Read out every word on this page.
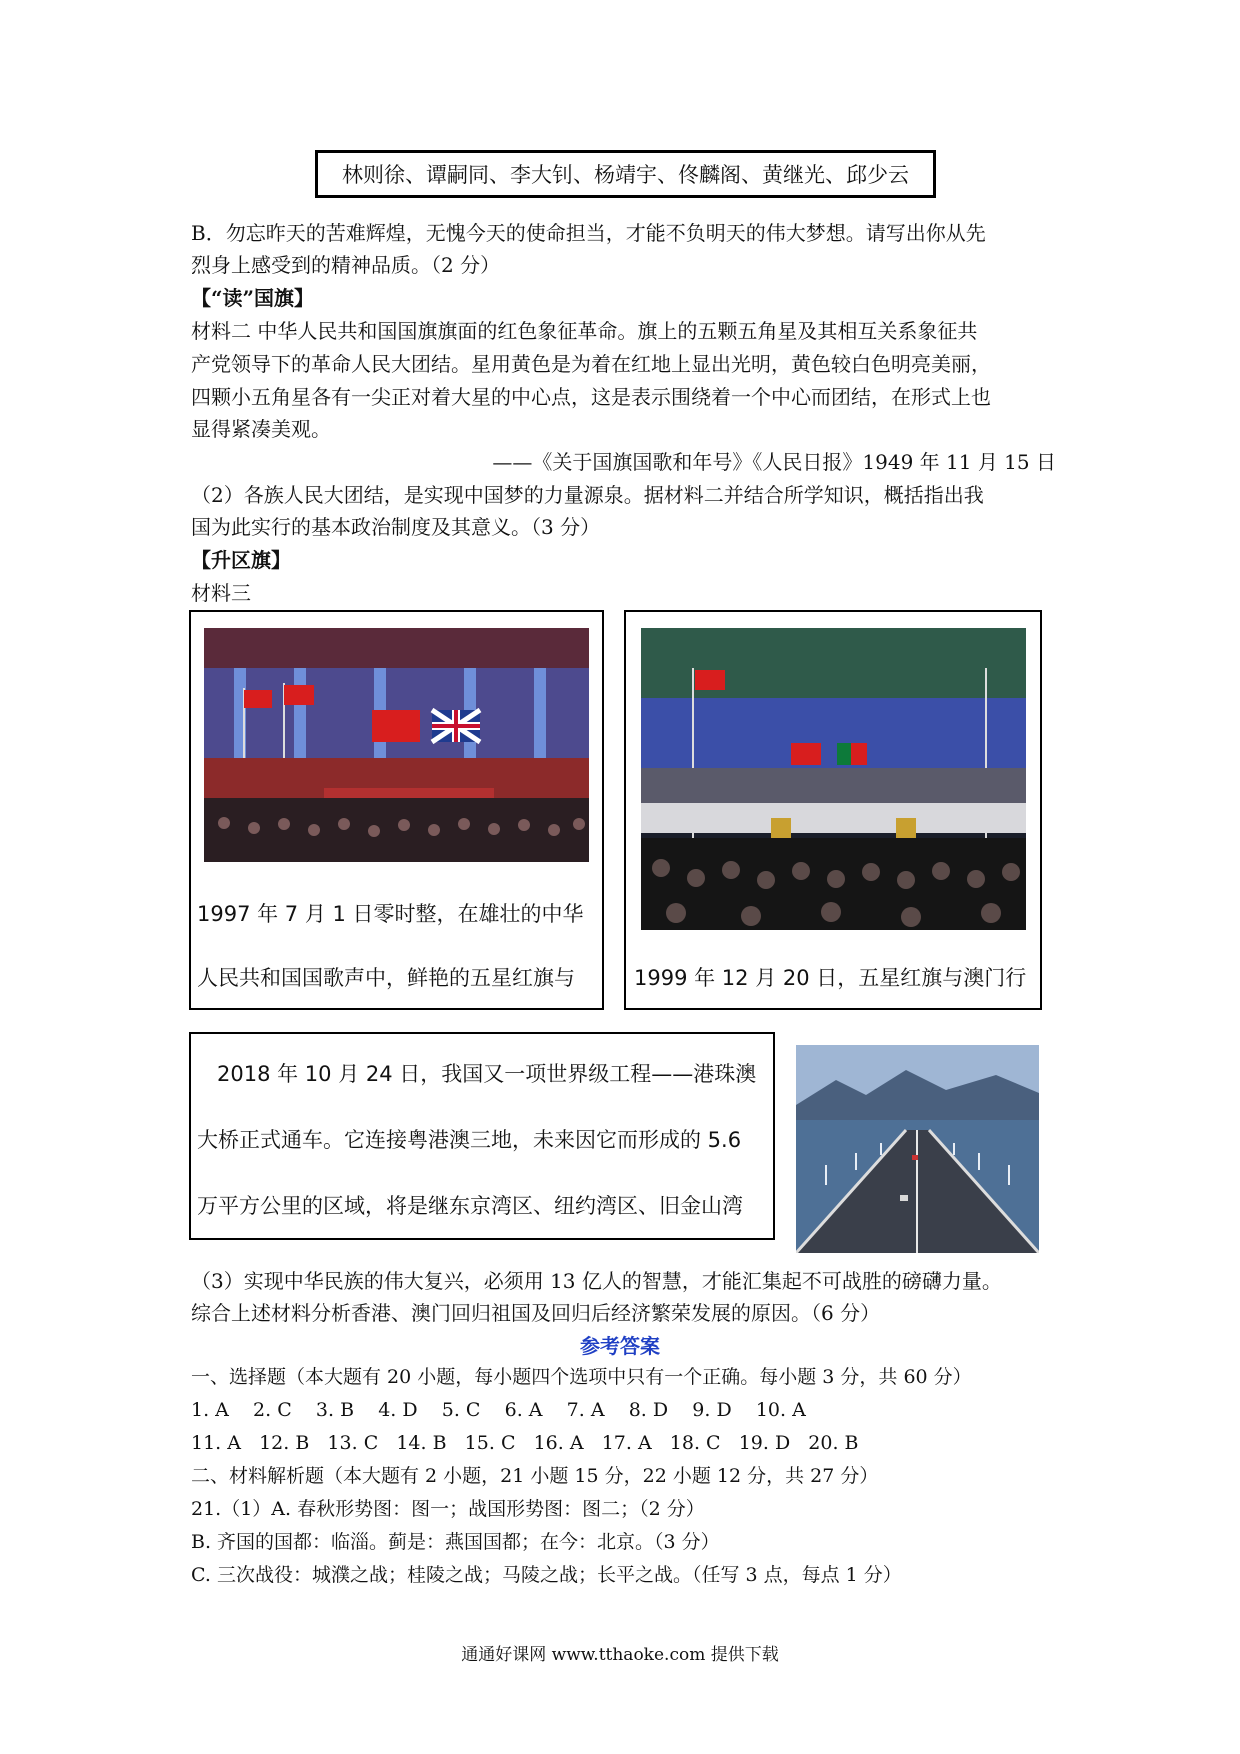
林则徐、谭嗣同、李大钊、杨靖宇、佟麟阁、黄继光、邱少云
B．勿忘昨天的苦难辉煌，无愧今天的使命担当，才能不负明天的伟大梦想。请写出你从先
烈身上感受到的精神品质。（2 分）
【“读”国旗】
材料二 中华人民共和国国旗旗面的红色象征革命。旗上的五颗五角星及其相互关系象征共
产党领导下的革命人民大团结。星用黄色是为着在红地上显出光明，黄色较白色明亮美丽，
四颗小五角星各有一尖正对着大星的中心点，这是表示围绕着一个中心而团结，在形式上也
显得紧凑美观。
——《关于国旗国歌和年号》《人民日报》1949 年 11 月 15 日
（2）各族人民大团结，是实现中国梦的力量源泉。据材料二并结合所学知识，概括指出我
国为此实行的基本政治制度及其意义。（3 分）
【升区旗】
材料三
1997 年 7 月 1 日零时整，在雄壮的中华
人民共和国国歌声中，鲜艳的五星红旗与	1999 年 12 月 20 日，五星红旗与澳门行
2018 年 10 月 24 日，我国又一项世界级工程——港珠澳
大桥正式通车。它连接粤港澳三地，未来因它而形成的 5.6
万平方公里的区域，将是继东京湾区、纽约湾区、旧金山湾
（3）实现中华民族的伟大复兴，必须用 13 亿人的智慧，才能汇集起不可战胜的磅礴力量。
综合上述材料分析香港、澳门回归祖国及回归后经济繁荣发展的原因。（6 分）
参考答案
一、选择题（本大题有 20 小题，每小题四个选项中只有一个正确。每小题 3 分，共 60 分）
1. A    2. C    3. B    4. D    5. C    6. A    7. A    8. D    9. D    10. A
11. A   12. B   13. C   14. B   15. C   16. A   17. A   18. C   19. D   20. B
二、材料解析题（本大题有 2 小题，21 小题 15 分，22 小题 12 分，共 27 分）
21.（1）A. 春秋形势图：图一；战国形势图：图二；（2 分）
B. 齐国的国都：临淄。蓟是：燕国国都；在今：北京。（3 分）
C. 三次战役：城濮之战；桂陵之战；马陵之战；长平之战。（任写 3 点，每点 1 分）
通通好课网 www.tthaoke.com 提供下载
